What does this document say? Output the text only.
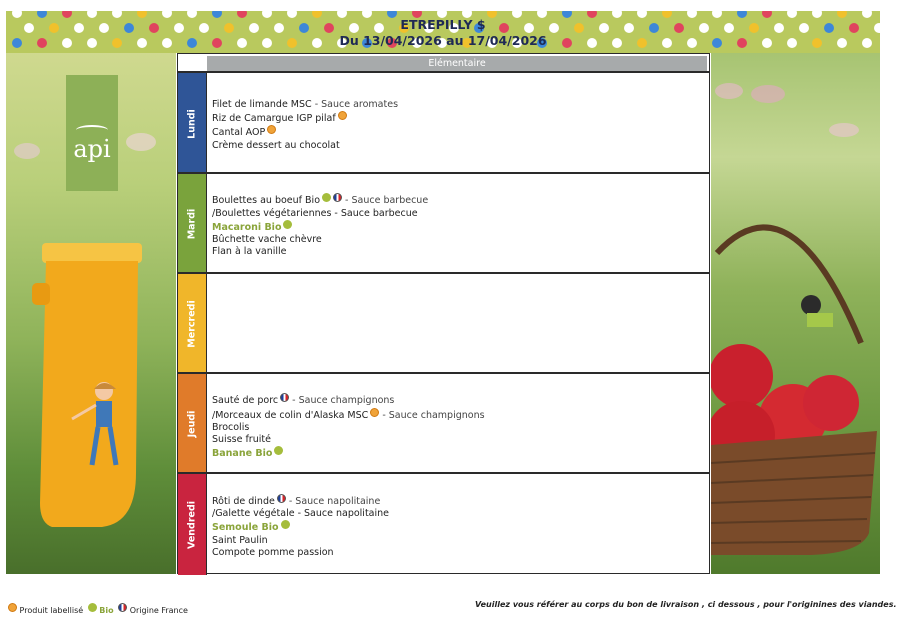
ETREPILLY $
Du 13/04/2026 au 17/04/2026
api
Elémentaire
Lundi
Filet de limande MSC - Sauce aromates
Riz de Camargue IGP pilaf
Cantal AOP
Crème dessert au chocolat
Mardi
Boulettes au boeuf Bio - Sauce barbecue
/Boulettes végétariennes - Sauce barbecue
Macaroni Bio
Bûchette vache chèvre
Flan à la vanille
Mercredi
Jeudi
Sauté de porc - Sauce champignons
/Morceaux de colin d'Alaska MSC - Sauce champignons
Brocolis
Suisse fruité
Banane Bio
Vendredi Rôti de dinde - Sauce napolitaine
/Galette végétale - Sauce napolitaine
Semoule Bio
Saint Paulin
Compote pomme passion
Produit labellisé Bio Origine France
Veuillez vous référer au corps du bon de livraison , ci dessous , pour l'originines des viandes.
